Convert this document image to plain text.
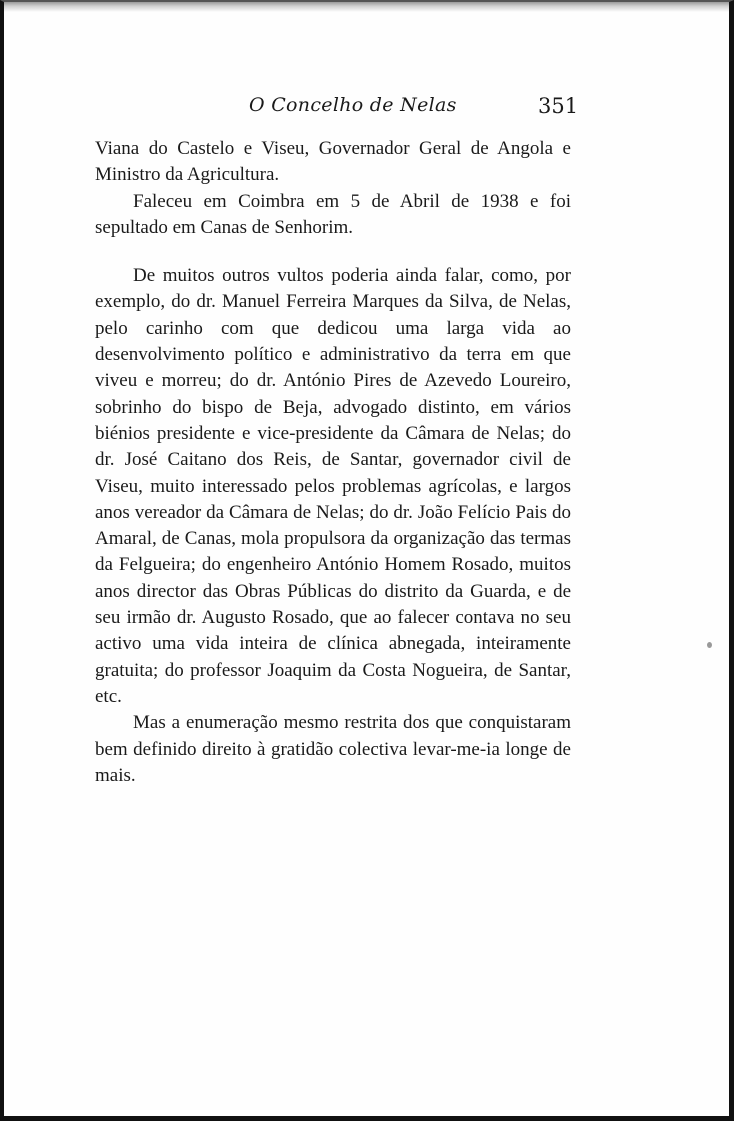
O Concelho de Nelas	351

Viana do Castelo e Viseu, Governador Geral de Angola e Ministro da Agricultura.

Faleceu em Coimbra em 5 de Abril de 1938 e foi sepultado em Canas de Senhorim.

De muitos outros vultos poderia ainda falar, como, por exemplo, do dr. Manuel Ferreira Marques da Silva, de Nelas, pelo carinho com que dedicou uma larga vida ao desenvolvimento político e administrativo da terra em que viveu e morreu; do dr. António Pires de Azevedo Loureiro, sobrinho do bispo de Beja, advogado distinto, em vários biénios presidente e vice-presidente da Câmara de Nelas; do dr. José Caitano dos Reis, de Santar, governador civil de Viseu, muito interessado pelos problemas agrícolas, e largos anos vereador da Câmara de Nelas; do dr. João Felício Pais do Amaral, de Canas, mola propulsora da organização das termas da Felgueira; do engenheiro António Homem Rosado, muitos anos director das Obras Públicas do distrito da Guarda, e de seu irmão dr. Augusto Rosado, que ao falecer contava no seu activo uma vida inteira de clínica abnegada, inteiramente gratuita; do professor Joaquim da Costa Nogueira, de Santar, etc.

Mas a enumeração mesmo restrita dos que conquistaram bem definido direito à gratidão colectiva levar-me-ia longe de mais.
